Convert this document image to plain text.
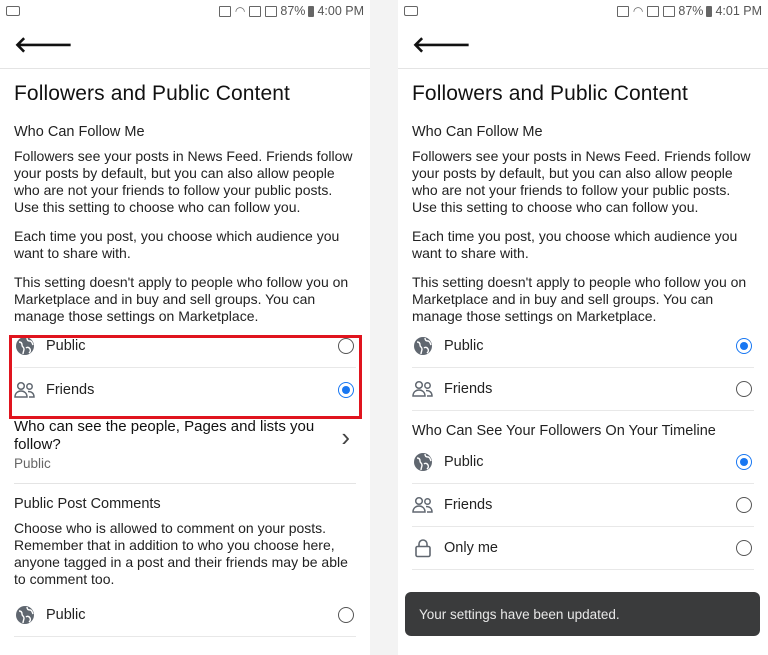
◠	87% 4:00 PM
🡐
Followers and Public Content
Who Can Follow Me
Followers see your posts in News Feed. Friends follow your posts by default, but you can also allow people who are not your friends to follow your public posts. Use this setting to choose who can follow you.
Each time you post, you choose which audience you want to share with.
This setting doesn't apply to people who follow you on Marketplace and in buy and sell groups. You can manage those settings on Marketplace.
Public
Friends
Who can see the people, Pages and lists you follow?
Public
›
Public Post Comments
Choose who is allowed to comment on your posts. Remember that in addition to who you choose here, anyone tagged in a post and their friends may be able to comment too.
Public
◠	87% 4:01 PM
🡐
Followers and Public Content
Who Can Follow Me
Followers see your posts in News Feed. Friends follow your posts by default, but you can also allow people who are not your friends to follow your public posts. Use this setting to choose who can follow you.
Each time you post, you choose which audience you want to share with.
This setting doesn't apply to people who follow you on Marketplace and in buy and sell groups. You can manage those settings on Marketplace.
Public
Friends
Who Can See Your Followers On Your Timeline
Public
Friends
Only me
Your settings have been updated.
